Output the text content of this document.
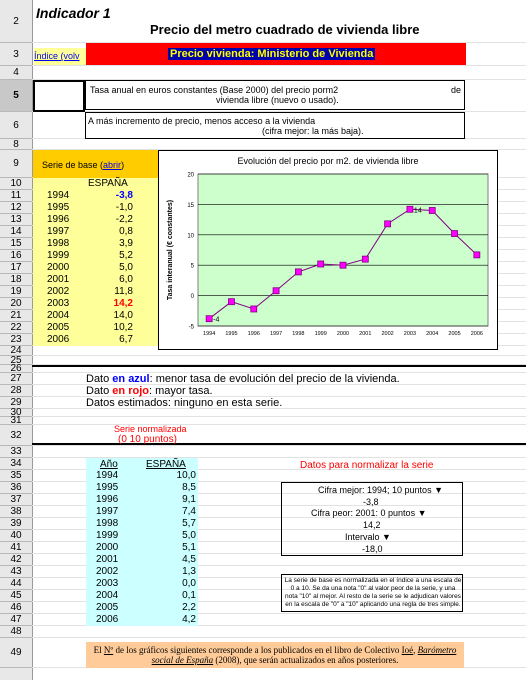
2
3
4
5
6
8
9
10
11
12
13
14
15
16
17
18
19
20
21
22
23
24
25
26
27
28
29
30
31
32
33
34
35
36
37
38
39
40
41
42
43
44
45
46
47
48
49
Indicador 1
Precio del metro cuadrado de vivienda libre
Índice (volv	Precio vivienda: Ministerio de Vivienda
Tasa anual en euros constantes (Base 2000) del precio porm2	de
vivienda libre (nuevo o usado).
A más incremento de precio, menos acceso a la vivienda
(cifra mejor: la más baja).
Serie de base (abrir)
ESPAÑA
1994	-3,8
1995	-1,0
1996	-2,2
1997	0,8
1998	3,9
1999	5,2
2000	5,0
2001	6,0
2002	11,8
2003	14,2
2004	14,0
2005	10,2
2006	6,7
Evolución del precio por m2. de vivienda libre
-5
0
5
10
15
20
1994 1995 1996 1997 1998 1999 2000 2001 2002 2003 2004 2005 2006
Tasa interanual (€ constantes)
-4
14
Dato en azul: menor tasa de evolución del precio de la vivienda.
Dato en rojo: mayor tasa.
Datos estimados: ninguno en esta serie.
Serie normalizada
(0 10 puntos)
Año	ESPAÑA
1994	10,0
1995	8,5
1996	9,1
1997	7,4
1998	5,7
1999	5,0
2000	5,1
2001	4,5
2002	1,3
2003	0,0
2004	0,1
2005	2,2
2006	4,2
Datos para normalizar la serie
Cifra mejor: 1994; 10 puntos ▼
-3,8
Cifra peor: 2001: 0 puntos ▼
14,2
Intervalo ▼
-18,0
La serie de base es normalizada en el índice a una escala de 0 a 10. Se da una nota "0" al valor peor de la serie, y una nota "10" al mejor. Al resto de la serie se le adjudican valores en la escala de "0" a "10" aplicando una regla de tres simple.
El Nº de los gráficos siguientes corresponde a los publicados en el libro de Colectivo Ioé, Barómetro social de España (2008), que serán actualizados en años posteriores.
